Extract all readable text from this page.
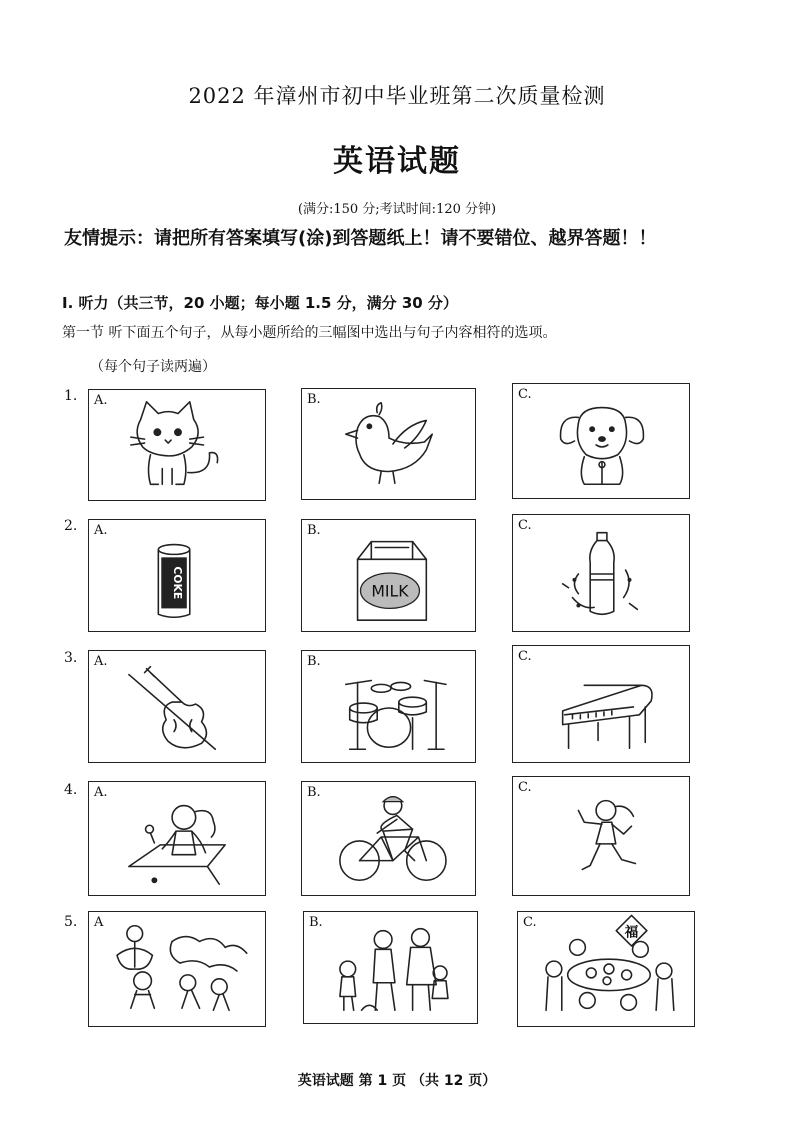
2022 年漳州市初中毕业班第二次质量检测
英语试题
(满分:150 分;考试时间:120 分钟)
友情提示：请把所有答案填写(涂)到答题纸上！请不要错位、越界答题！！
Ⅰ. 听力（共三节，20 小题；每小题 1.5 分，满分 30 分）
第一节 听下面五个句子，从每小题所给的三幅图中选出与句子内容相符的选项。
（每个句子读两遍）
1. A.	B.	C.
2. A.
COKE
B.
MILK
C.
3. A.	B.	C.
4. A.	B.	C.
5. A	B.	C.
福
英语试题 第 1 页 （共 12 页）
